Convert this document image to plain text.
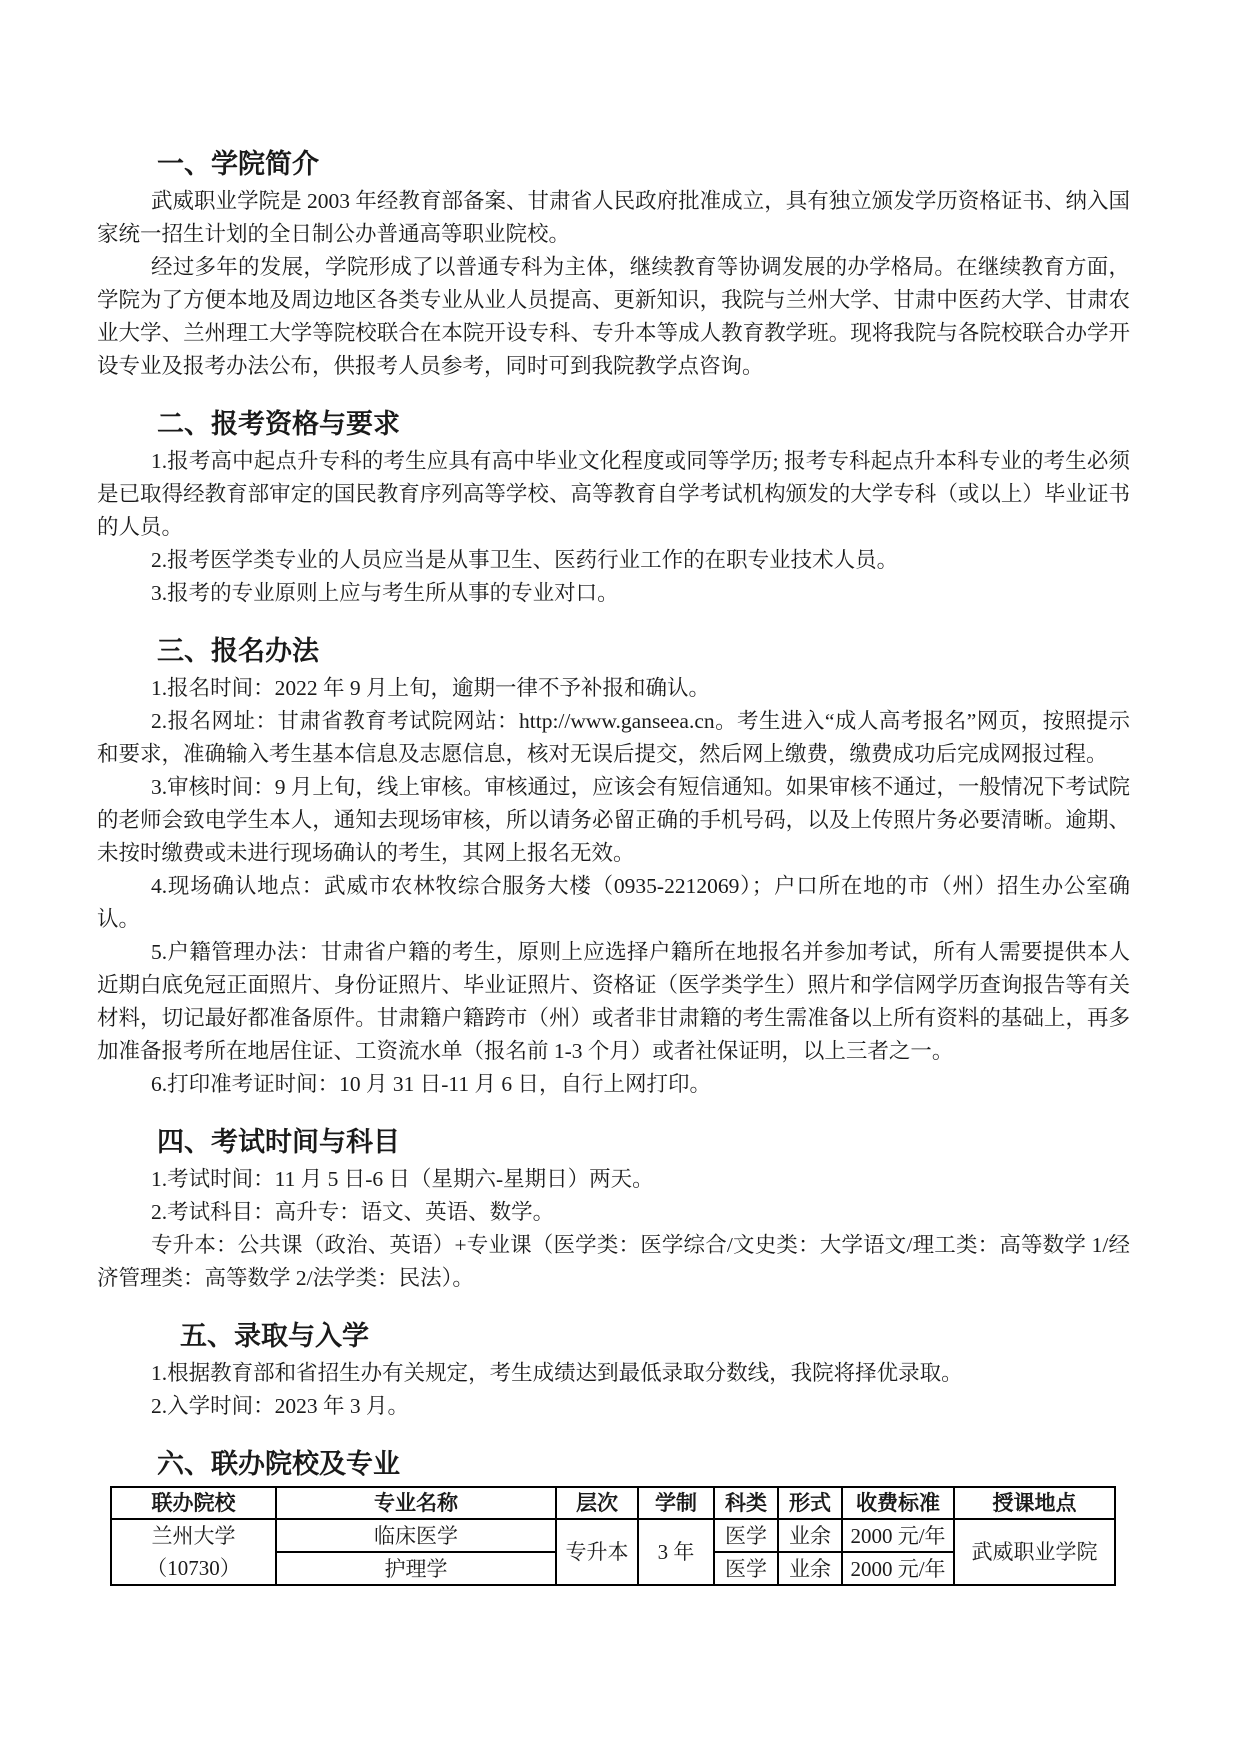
一、学院简介

武威职业学院是 2003 年经教育部备案、甘肃省人民政府批准成立，具有独立颁发学历资格证书、纳入国家统一招生计划的全日制公办普通高等职业院校。

经过多年的发展，学院形成了以普通专科为主体，继续教育等协调发展的办学格局。在继续教育方面，学院为了方便本地及周边地区各类专业从业人员提高、更新知识，我院与兰州大学、甘肃中医药大学、甘肃农业大学、兰州理工大学等院校联合在本院开设专科、专升本等成人教育教学班。现将我院与各院校联合办学开设专业及报考办法公布，供报考人员参考，同时可到我院教学点咨询。

二、报考资格与要求

1.报考高中起点升专科的考生应具有高中毕业文化程度或同等学历; 报考专科起点升本科专业的考生必须是已取得经教育部审定的国民教育序列高等学校、高等教育自学考试机构颁发的大学专科（或以上）毕业证书的人员。

2.报考医学类专业的人员应当是从事卫生、医药行业工作的在职专业技术人员。

3.报考的专业原则上应与考生所从事的专业对口。

三、报名办法

1.报名时间：2022 年 9 月上旬，逾期一律不予补报和确认。

2.报名网址：甘肃省教育考试院网站：http://www.ganseea.cn。考生进入“成人高考报名”网页，按照提示和要求，准确输入考生基本信息及志愿信息，核对无误后提交，然后网上缴费，缴费成功后完成网报过程。

3.审核时间：9 月上旬，线上审核。审核通过，应该会有短信通知。如果审核不通过，一般情况下考试院的老师会致电学生本人，通知去现场审核，所以请务必留正确的手机号码，以及上传照片务必要清晰。逾期、未按时缴费或未进行现场确认的考生，其网上报名无效。

4.现场确认地点：武威市农林牧综合服务大楼（0935-2212069）；户口所在地的市（州）招生办公室确认。

5.户籍管理办法：甘肃省户籍的考生，原则上应选择户籍所在地报名并参加考试，所有人需要提供本人近期白底免冠正面照片、身份证照片、毕业证照片、资格证（医学类学生）照片和学信网学历查询报告等有关材料，切记最好都准备原件。甘肃籍户籍跨市（州）或者非甘肃籍的考生需准备以上所有资料的基础上，再多加准备报考所在地居住证、工资流水单（报名前 1-3 个月）或者社保证明，以上三者之一。

6.打印准考证时间：10 月 31 日-11 月 6 日，自行上网打印。

四、考试时间与科目

1.考试时间：11 月 5 日-6 日（星期六-星期日）两天。

2.考试科目：高升专：语文、英语、数学。

专升本：公共课（政治、英语）+专业课（医学类：医学综合/文史类：大学语文/理工类：高等数学 1/经济管理类：高等数学 2/法学类：民法）。

五、录取与入学

1.根据教育部和省招生办有关规定，考生成绩达到最低录取分数线，我院将择优录取。

2.入学时间：2023 年 3 月。

六、联办院校及专业
联办院校	专业名称	层次	学制	科类	形式	收费标准	授课地点

兰州大学
（10730）	临床医学	专升本	3 年	医学	业余	2000 元/年	武威职业学院
	护理学			医学	业余	2000 元/年	
